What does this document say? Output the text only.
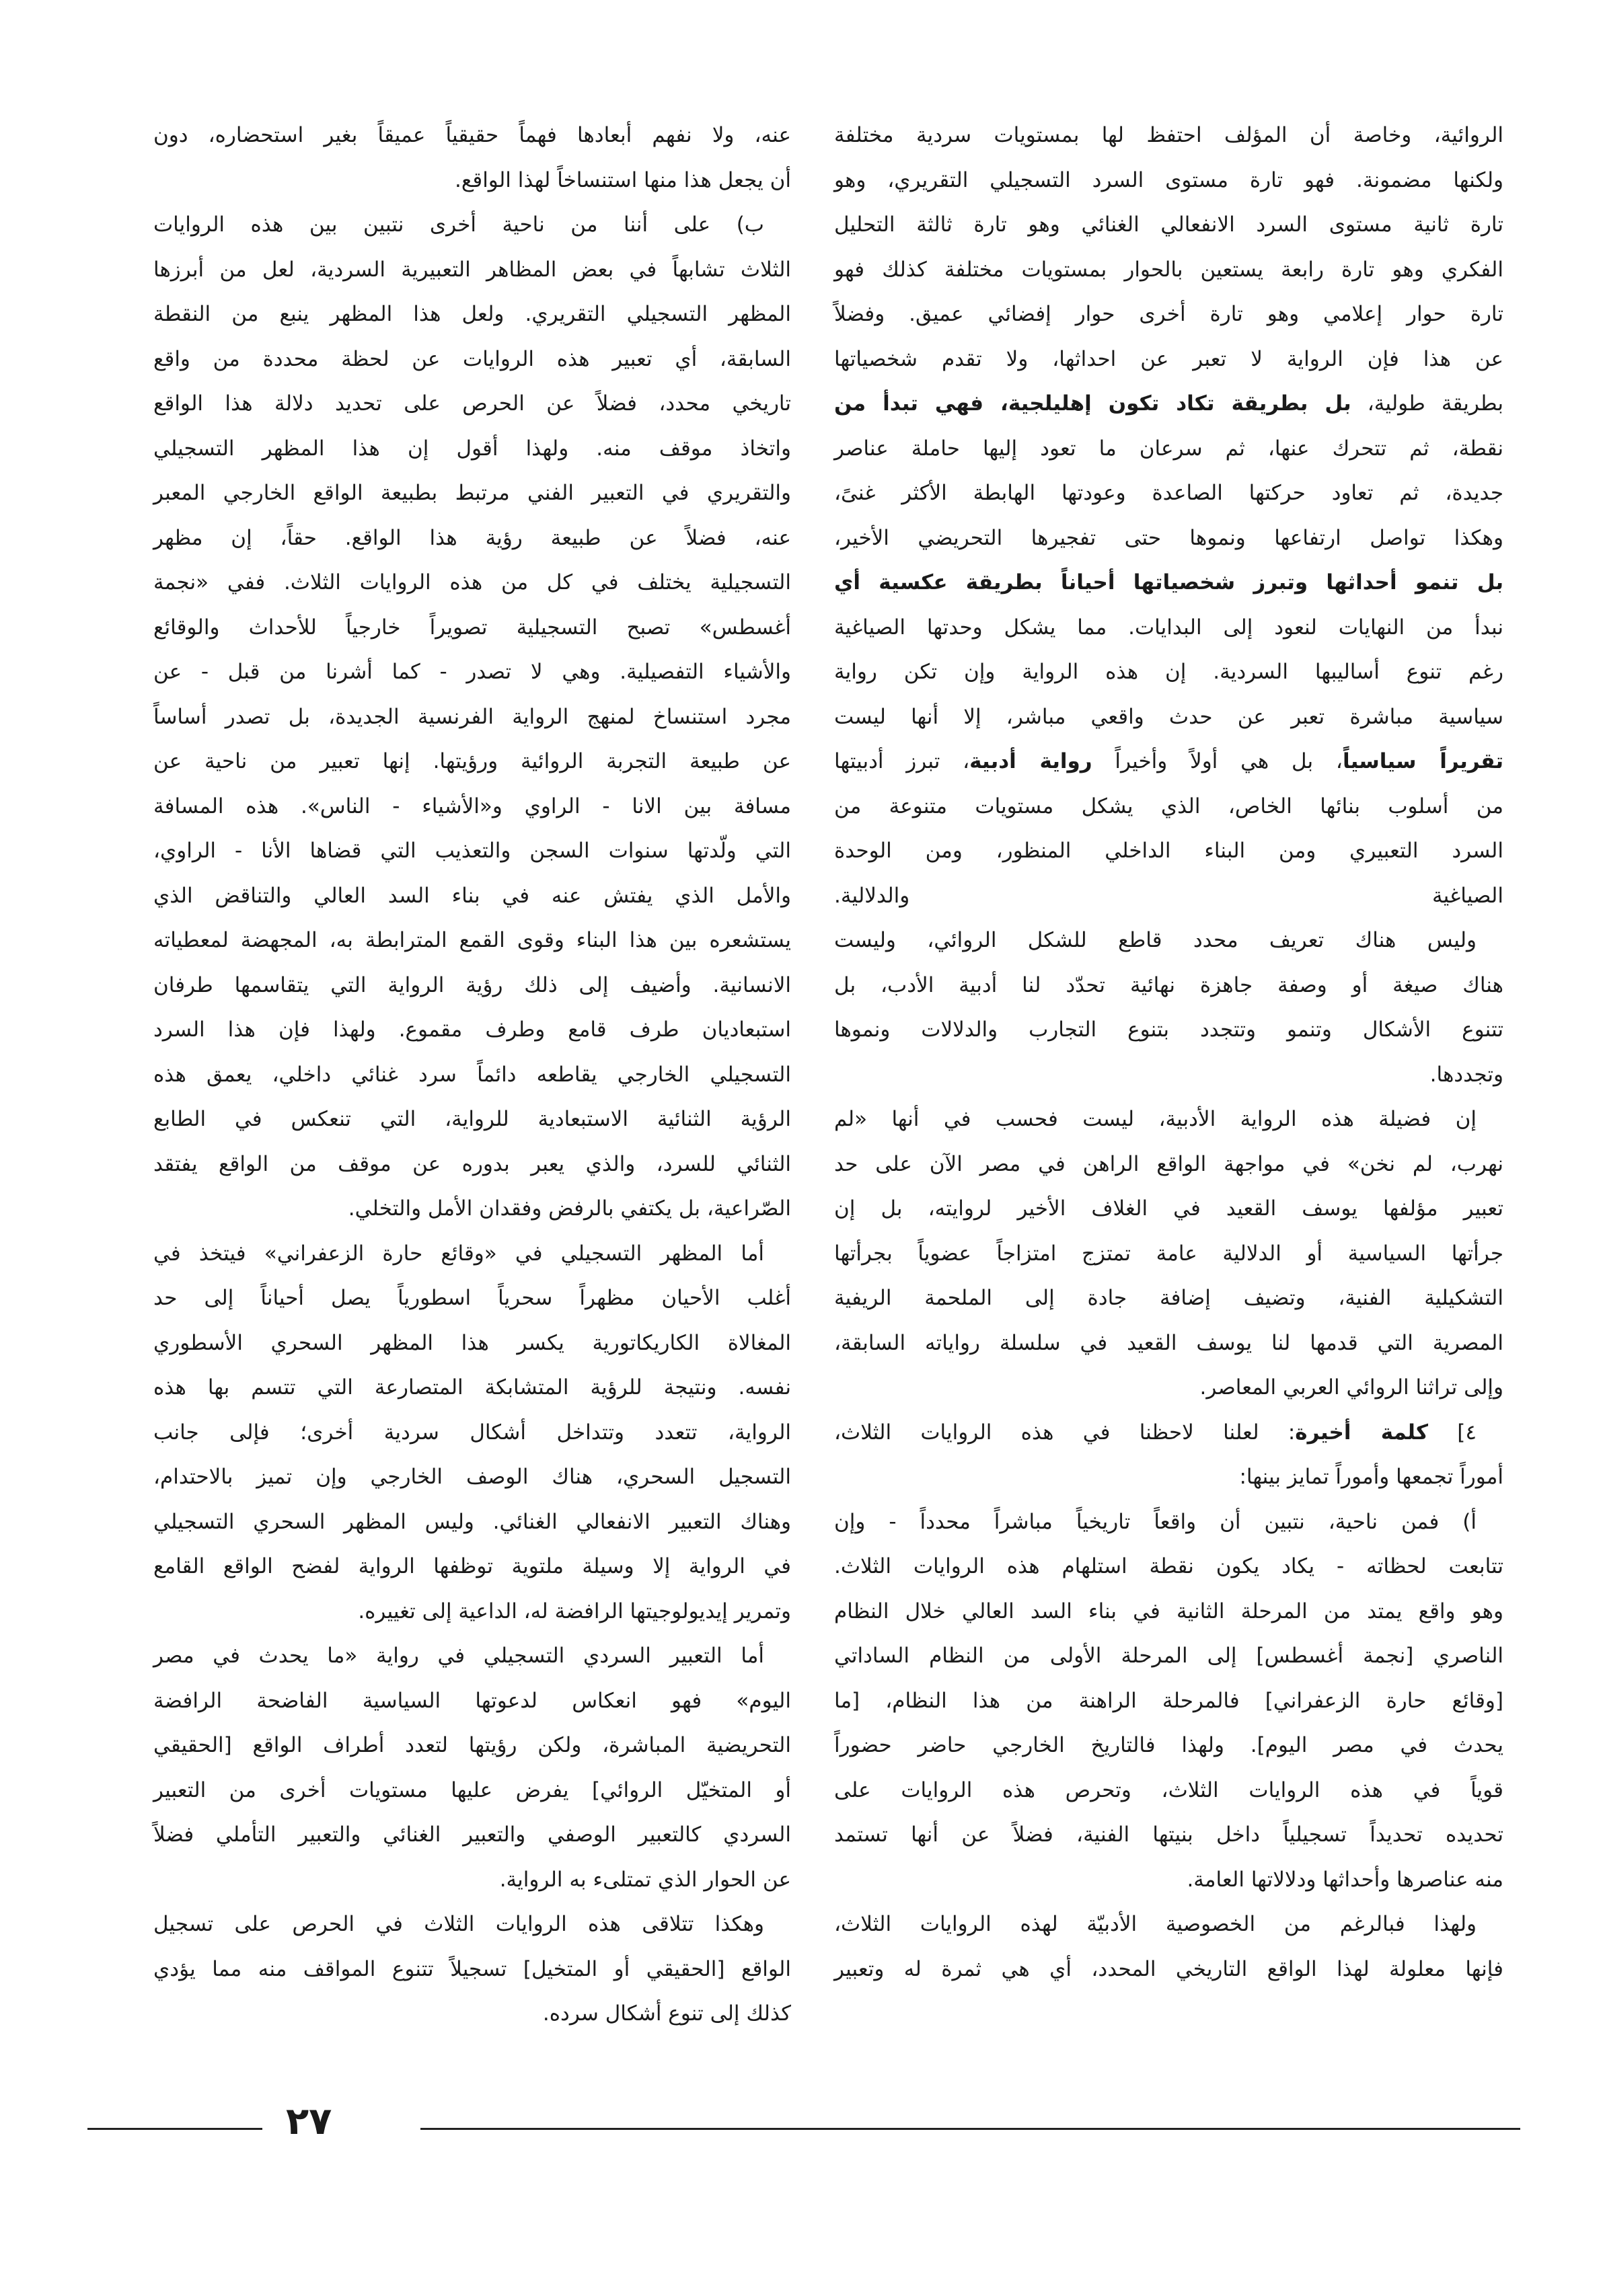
الروائية، وخاصة أن المؤلف احتفظ لها بمستويات سردية مختلفة
ولكنها مضمونة. فهو تارة مستوى السرد التسجيلي التقريري، وهو
تارة ثانية مستوى السرد الانفعالي الغنائي وهو تارة ثالثة التحليل
الفكري وهو تارة رابعة يستعين بالحوار بمستويات مختلفة كذلك فهو
تارة حوار إعلامي وهو تارة أخرى حوار إفضائي عميق. وفضلاً
عن هذا فإن الرواية لا تعبر عن احداثها، ولا تقدم شخصياتها
بطريقة طولية، بل بطريقة تكاد تكون إهليلجية، فهي تبدأ من
نقطة، ثم تتحرك عنها، ثم سرعان ما تعود إليها حاملة عناصر
جديدة، ثم تعاود حركتها الصاعدة وعودتها الهابطة الأكثر غنىً،
وهكذا تواصل ارتفاعها ونموها حتى تفجيرها التحريضي الأخير،
بل تنمو أحداثها وتبرز شخصياتها أحياناً بطريقة عكسية أي
نبدأ من النهايات لنعود إلى البدايات. مما يشكل وحدتها الصياغية
رغم تنوع أساليبها السردية. إن هذه الرواية وإن تكن رواية
سياسية مباشرة تعبر عن حدث واقعي مباشر، إلا أنها ليست
تقريراً سياسياً، بل هي أولاً وأخيراً رواية أدبية، تبرز أدبيتها
من أسلوب بنائها الخاص، الذي يشكل مستويات متنوعة من
السرد التعبيري ومن البناء الداخلي المنظور، ومن الوحدة
الصياغية والدلالية.
وليس هناك تعريف محدد قاطع للشكل الروائي، وليست
هناك صيغة أو وصفة جاهزة نهائية تحدّد لنا أدبية الأدب، بل
تتنوع الأشكال وتنمو وتتجدد بتنوع التجارب والدلالات ونموها
وتجددها.
إن فضيلة هذه الرواية الأدبية، ليست فحسب في أنها «لم
نهرب، لم نخن» في مواجهة الواقع الراهن في مصر الآن على حد
تعبير مؤلفها يوسف القعيد في الغلاف الأخير لروايته، بل إن
جرأتها السياسية أو الدلالية عامة تمتزج امتزاجاً عضوياً بجرأتها
التشكيلية الفنية، وتضيف إضافة جادة إلى الملحمة الريفية
المصرية التي قدمها لنا يوسف القعيد في سلسلة رواياته السابقة،
وإلى تراثنا الروائي العربي المعاصر.
٤] كلمة أخيرة: لعلنا لاحظنا في هذه الروايات الثلاث،
أموراً تجمعها وأموراً تمايز بينها:
أ) فمن ناحية، نتبين أن واقعاً تاريخياً مباشراً محدداً - وإن
تتابعت لحظاته - يكاد يكون نقطة استلهام هذه الروايات الثلاث.
وهو واقع يمتد من المرحلة الثانية في بناء السد العالي خلال النظام
الناصري [نجمة أغسطس] إلى المرحلة الأولى من النظام الساداتي
[وقائع حارة الزعفراني] فالمرحلة الراهنة من هذا النظام، [ما
يحدث في مصر اليوم]. ولهذا فالتاريخ الخارجي حاضر حضوراً
قوياً في هذه الروايات الثلاث، وتحرص هذه الروايات على
تحديده تحديداً تسجيلياً داخل بنيتها الفنية، فضلاً عن أنها تستمد
منه عناصرها وأحداثها ودلالاتها العامة.
ولهذا فبالرغم من الخصوصية الأدبيّة لهذه الروايات الثلاث،
فإنها معلولة لهذا الواقع التاريخي المحدد، أي هي ثمرة له وتعبير
عنه، ولا نفهم أبعادها فهماً حقيقياً عميقاً بغير استحضاره، دون
أن يجعل هذا منها استنساخاً لهذا الواقع.
ب) على أننا من ناحية أخرى نتبين بين هذه الروايات
الثلاث تشابهاً في بعض المظاهر التعبيرية السردية، لعل من أبرزها
المظهر التسجيلي التقريري. ولعل هذا المظهر ينبع من النقطة
السابقة، أي تعبير هذه الروايات عن لحظة محددة من واقع
تاريخي محدد، فضلاً عن الحرص على تحديد دلالة هذا الواقع
واتخاذ موقف منه. ولهذا أقول إن هذا المظهر التسجيلي
والتقريري في التعبير الفني مرتبط بطبيعة الواقع الخارجي المعبر
عنه، فضلاً عن طبيعة رؤية هذا الواقع. حقاً، إن مظهر
التسجيلية يختلف في كل من هذه الروايات الثلاث. ففي «نجمة
أغسطس» تصبح التسجيلية تصويراً خارجياً للأحداث والوقائع
والأشياء التفصيلية. وهي لا تصدر - كما أشرنا من قبل - عن
مجرد استنساخ لمنهج الرواية الفرنسية الجديدة، بل تصدر أساساً
عن طبيعة التجربة الروائية ورؤيتها. إنها تعبير من ناحية عن
مسافة بين الانا - الراوي و«الأشياء - الناس». هذه المسافة
التي ولّدتها سنوات السجن والتعذيب التي قضاها الأنا - الراوي،
والأمل الذي يفتش عنه في بناء السد العالي والتناقض الذي
يستشعره بين هذا البناء وقوى القمع المترابطة به، المجهضة لمعطياته
الانسانية. وأضيف إلى ذلك رؤية الرواية التي يتقاسمها طرفان
استبعاديان طرف قامع وطرف مقموع. ولهذا فإن هذا السرد
التسجيلي الخارجي يقاطعه دائماً سرد غنائي داخلي، يعمق هذه
الرؤية الثنائية الاستبعادية للرواية، التي تنعكس في الطابع
الثنائي للسرد، والذي يعبر بدوره عن موقف من الواقع يفتقد
الصّراعية، بل يكتفي بالرفض وفقدان الأمل والتخلي.
أما المظهر التسجيلي في «وقائع حارة الزعفراني» فيتخذ في
أغلب الأحيان مظهراً سحرياً اسطورياً يصل أحياناً إلى حد
المغالاة الكاريكاتورية يكسر هذا المظهر السحري الأسطوري
نفسه. ونتيجة للرؤية المتشابكة المتصارعة التي تتسم بها هذه
الرواية، تتعدد وتتداخل أشكال سردية أخرى؛ فإلى جانب
التسجيل السحري، هناك الوصف الخارجي وإن تميز بالاحتدام،
وهناك التعبير الانفعالي الغنائي. وليس المظهر السحري التسجيلي
في الرواية إلا وسيلة ملتوية توظفها الرواية لفضح الواقع القامع
وتمرير إيديولوجيتها الرافضة له، الداعية إلى تغييره.
أما التعبير السردي التسجيلي في رواية «ما يحدث في مصر
اليوم» فهو انعكاس لدعوتها السياسية الفاضحة الرافضة
التحريضية المباشرة، ولكن رؤيتها لتعدد أطراف الواقع [الحقيقي
أو المتخيّل الروائي] يفرض عليها مستويات أخرى من التعبير
السردي كالتعبير الوصفي والتعبير الغنائي والتعبير التأملي فضلاً
عن الحوار الذي تمتلىء به الرواية.
وهكذا تتلاقى هذه الروايات الثلاث في الحرص على تسجيل
الواقع [الحقيقي أو المتخيل] تسجيلاً تتنوع المواقف منه مما يؤدي
كذلك إلى تنوع أشكال سرده.
٢٧
